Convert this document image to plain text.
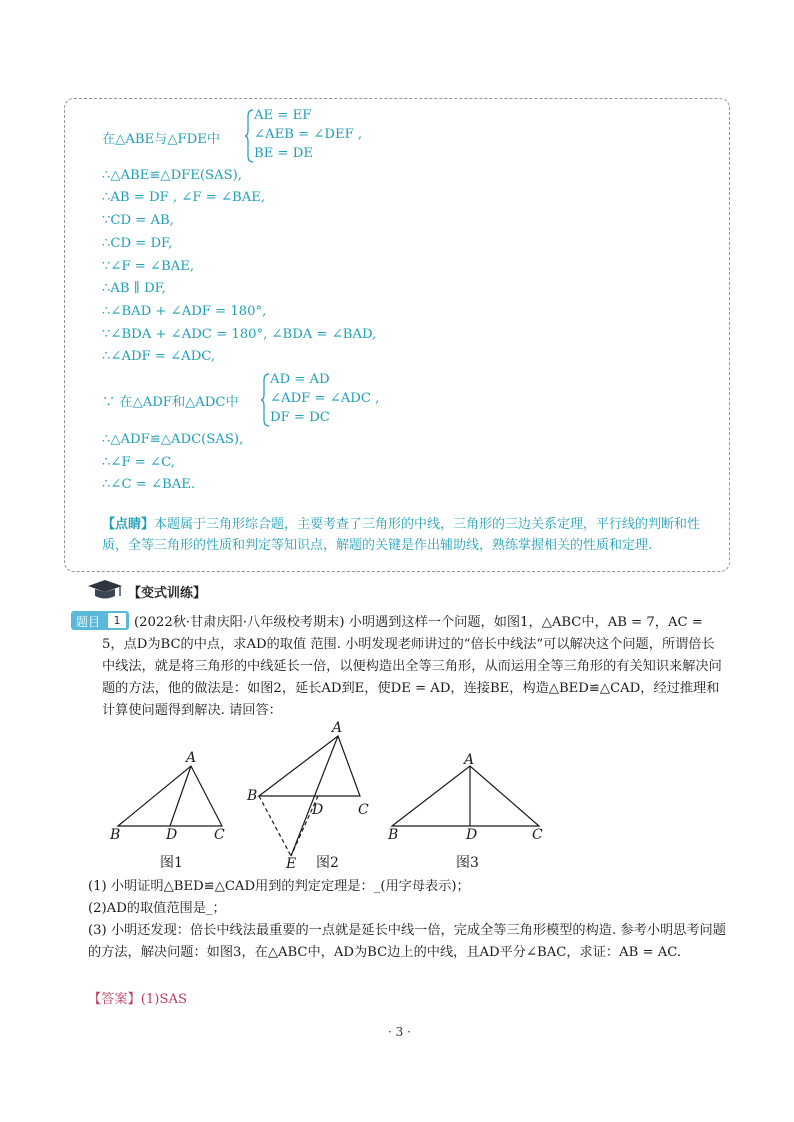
在△ABE与△FDE中
AE = EF
∠AEB = ∠DEF ,
BE = DE
∴△ABE≌△DFE(SAS),
∴AB = DF , ∠F = ∠BAE,
∵CD = AB,
∴CD = DF,
∵∠F = ∠BAE,
∴AB ∥ DF,
∴∠BAD + ∠ADF = 180°,
∵∠BDA + ∠ADC = 180°, ∠BDA = ∠BAD,
∴∠ADF = ∠ADC,
∵ 在△ADF和△ADC中
AD = AD
∠ADF = ∠ADC ,
DF = DC
∴△ADF≌△ADC(SAS),
∴∠F = ∠C,
∴∠C = ∠BAE.
【点睛】本题属于三角形综合题，主要考查了三角形的中线，三角形的三边关系定理，平行线的判断和性质，全等三角形的性质和判定等知识点，解题的关键是作出辅助线，熟练掌握相关的性质和定理.
【变式训练】
题目	1	(2022秋·甘肃庆阳·八年级校考期末) 小明遇到这样一个问题，如图1，△ABC中，AB = 7，AC = 5，点D为BC的中点，求AD的取值 范围. 小明发现老师讲过的“倍长中线法”可以解决这个问题，所谓倍长中线法，就是将三角形的中线延长一倍，以便构造出全等三角形，从而运用全等三角形的有关知识来解决问题的方法，他的做法是：如图2，延长AD到E，使DE = AD，连接BE，构造△BED≌△CAD，经过推理和计算使问题得到解决. 请回答：
A
B	D	C
图1
A
B
D C
E 图2
A
B	D	C
图3
(1) 小明证明△BED≌△CAD用到的判定定理是：_(用字母表示)；
(2)AD的取值范围是_；
(3) 小明还发现：倍长中线法最重要的一点就是延长中线一倍，完成全等三角形模型的构造. 参考小明思考问题的方法，解决问题：如图3，在△ABC中，AD为BC边上的中线，且AD平分∠BAC，求证：AB = AC.
【答案】(1)SAS
· 3 ·
